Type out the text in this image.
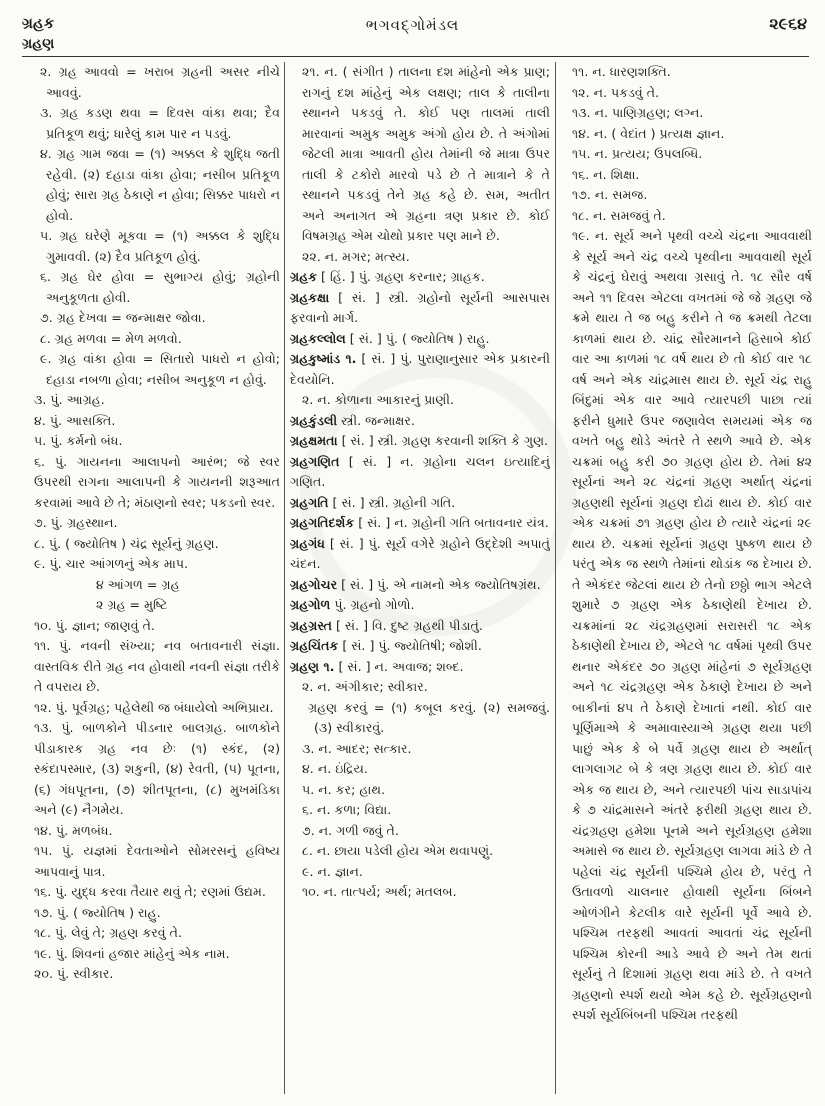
ગ્રહક
ગ્રહણ
ભગવદ્ગોમંડલ	૨૯૬૪

૨. ગ્રહ આવવો = ખરાબ ગ્રહની અસર નીચે આવવું.

૩. ગ્રહ કડણ થવા = દિવસ વાંકા થવા; દૈવ પ્રતિકૂળ થવું; ધારેલું કામ પાર ન પડવું.

૪. ગ્રહ ગામ જવા = (૧) અક્કલ કે શુદ્ધિ જતી રહેવી. (૨) દહાડા વાંકા હોવા; નસીબ પ્રતિકૂળ હોવું; સારા ગ્રહ ઠેકાણે ન હોવા; સિક્કર પાધરો ન હોવો.

૫. ગ્રહ ઘરેણે મૂકવા = (૧) અક્કલ કે શુદ્ધિ ગુમાવવી. (૨) દૈવ પ્રતિકૂળ હોવું.

૬. ગ્રહ ઘેર હોવા = સુભાગ્ય હોવું; ગ્રહોની અનુકૂળતા હોવી.

૭. ગ્રહ દેખવા = જન્માક્ષર જોવા.

૮. ગ્રહ મળવા = મેળ મળવો.

૯. ગ્રહ વાંકા હોવા = સિતારો પાધરો ન હોવો; દહાડા નબળા હોવા; નસીબ અનુકૂળ ન હોવું.

૩. પું. આગ્રહ.

૪. પું. આસક્તિ.

૫. પું. કર્મનો બંધ.

૬. પું. ગાયનના આલાપનો આરંભ; જે સ્વર ઉપરથી રાગના આલાપની કે ગાયનની શરૂઆત કરવામાં આવે છે તે; મંઠાણનો સ્વર; પકડનો સ્વર.

૭. પું. ગ્રહસ્થાન.

૮. પું. ( જ્યોતિષ ) ચંદ્ર સૂર્યનું ગ્રહણ.

૯. પું. ચાર આંગળનું એક માપ.

૪ આંગળ = ગ્રહ

૨ ગ્રહ = મુષ્ટિ

૧૦. પું. જ્ઞાન; જાણવું તે.

૧૧. પું. નવની સંખ્યા; નવ બતાવનારી સંજ્ઞા. વાસ્તવિક રીતે ગ્રહ નવ હોવાથી નવની સંજ્ઞા તરીકે તે વપરાય છે.

૧૨. પું. પૂર્વગ્રહ; પહેલેથી જ બંધાયેલો અભિપ્રાય.

૧૩. પું. બાળકોને પીડનાર બાલગ્રહ. બાળકોને પીડાકારક ગ્રહ નવ છેઃ (૧) સ્કંદ, (૨) સ્કંદાપસ્માર, (૩) શકુની, (૪) રેવતી, (૫) પૂતના, (૬) ગંધપૂતના, (૭) શીતપૂતના, (૮) મુખમંડિકા અને (૯) નૈગમેય.

૧૪. પું. મળબંધ.

૧૫. પું. યજ્ઞમાં દેવતાઓને સોમરસનું હવિષ્ય આપવાનું પાત્ર.

૧૬. પું. યુદ્ધ કરવા તૈયાર થવું તે; રણમાં ઉદ્યમ.

૧૭. પું. ( જ્યોતિષ ) રાહુ.

૧૮. પું. લેવું તે; ગ્રહણ કરવું તે.

૧૯. પું. શિવનાં હજાર માંહેનું એક નામ.

૨૦. પું. સ્વીકાર.

૨૧. ન. ( સંગીત ) તાલના દશ માંહેનો એક પ્રાણ; રાગનું દશ માંહેનું એક લક્ષણ; તાલ કે તાલીના સ્થાનને પકડવું તે. કોઈ પણ તાલમાં તાલી મારવાનાં અમુક અમુક અંગો હોય છે. તે અંગોમાં જેટલી માત્રા આવતી હોય તેમાંની જે માત્રા ઉપર તાલી કે ટકોરો મારવો પડે છે તે માત્રાને કે તે સ્થાનને પકડવું તેને ગ્રહ કહે છે. સમ, અતીત અને અનાગત એ ગ્રહના ત્રણ પ્રકાર છે. કોઈ વિષમગ્રહ એમ ચોથો પ્રકાર પણ માને છે.

૨૨. ન. મગર; મત્સ્ય.

ગ્રહક [ હિં. ] પું. ગ્રહણ કરનાર; ગ્રાહક.

ગ્રહકક્ષા [ સં. ] સ્ત્રી. ગ્રહોનો સૂર્યની આસપાસ ફરવાનો માર્ગ.

ગ્રહકલ્લોલ [ સં. ] પું. ( જ્યોતિષ ) રાહુ.

ગ્રહકુષ્માંડ ૧. [ સં. ] પું. પુરાણાનુસાર એક પ્રકારની દેવયોનિ.

૨. ન. કોળાના આકારનું પ્રાણી.

ગ્રહકુંડલી સ્ત્રી. જન્માક્ષર.

ગ્રહક્ષમતા [ સં. ] સ્ત્રી. ગ્રહણ કરવાની શક્તિ કે ગુણ.

ગ્રહગણિત [ સં. ] ન. ગ્રહોના ચલન ઇત્યાદિનું ગણિત.

ગ્રહગતિ [ સં. ] સ્ત્રી. ગ્રહોની ગતિ.

ગ્રહગતિદર્શક [ સં. ] ન. ગ્રહોની ગતિ બતાવનાર યંત્ર.

ગ્રહગંધ [ સં. ] પું. સૂર્ય વગેરે ગ્રહોને ઉદ્દેશી અપાતું ચંદન.

ગ્રહગોચર [ સં. ] પું. એ નામનો એક જ્યોતિષગ્રંથ.

ગ્રહગોળ પું. ગ્રહનો ગોળો.

ગ્રહગ્રસ્ત [ સં. ] વિ. દુષ્ટ ગ્રહથી પીડાતું.

ગ્રહચિંતક [ સં. ] પું. જ્યોતિષી; જોશી.

ગ્રહણ ૧. [ સં. ] ન. અવાજ; શબ્દ.

૨. ન. અંગીકાર; સ્વીકાર.

ગ્રહણ કરવું = (૧) કબૂલ કરવું. (૨) સમજવું. (૩) સ્વીકારવું.

૩. ન. આદર; સત્કાર.

૪. ન. ઇંદ્રિય.

૫. ન. કર; હાથ.

૬. ન. કળા; વિદ્યા.

૭. ન. ગળી જવું તે.

૮. ન. છાયા પડેલી હોય એમ થવાપણું.

૯. ન. જ્ઞાન.

૧૦. ન. તાત્પર્ય; અર્થ; મતલબ.

૧૧. ન. ધારણશક્તિ.

૧૨. ન. પકડવું તે.

૧૩. ન. પાણિગ્રહણ; લગ્ન.

૧૪. ન. ( વેદાંત ) પ્રત્યક્ષ જ્ઞાન.

૧૫. ન. પ્રત્યય; ઉપલબ્ધિ.

૧૬. ન. શિક્ષા.

૧૭. ન. સમજ.

૧૮. ન. સમજવું તે.

૧૯. ન. સૂર્ય અને પૃથ્વી વચ્ચે ચંદ્રના આવવાથી કે સૂર્ય અને ચંદ્ર વચ્ચે પૃથ્વીના આવવાથી સૂર્ય કે ચંદ્રનું ઘેરાવું અથવા ગ્રસાવું તે. ૧૮ સૌર વર્ષ અને ૧૧ દિવસ એટલા વખતમાં જે જે ગ્રહણ જે ક્રમે થાય તે જ બહુ કરીને તે જ ક્રમથી તેટલા કાળમાં થાય છે. ચાંદ્ર સૌરમાનને હિસાબે કોઈ વાર આ કાળમાં ૧૮ વર્ષ થાય છે તો કોઈ વાર ૧૮ વર્ષ અને એક ચાંદ્રમાસ થાય છે. સૂર્ય ચંદ્ર રાહુ બિંદુમાં એક વાર આવે ત્યારપછી પાછા ત્યાં ફરીને ધુમારે ઉપર જણાવેલ સમયમાં એક જ વખતે બહુ થોડે અંતરે તે સ્થળે આવે છે. એક ચક્રમાં બહુ કરી ૭૦ ગ્રહણ હોય છે. તેમાં ૪૨ સૂર્યનાં અને ૨૮ ચંદ્રનાં ગ્રહણ અર્થાત્ ચંદ્રનાં ગ્રહણથી સૂર્યનાં ગ્રહણ દોઢાં થાય છે. કોઈ વાર એક ચક્રમાં ૭૧ ગ્રહણ હોય છે ત્યારે ચંદ્રનાં ૨૯ થાય છે. ચક્રમાં સૂર્યનાં ગ્રહણ પુષ્કળ થાય છે પરંતુ એક જ સ્થળે તેમાંનાં થોડાંક જ દેખાય છે. તે એકંદર જેટલાં થાય છે તેનો છઠ્ઠો ભાગ એટલે શુમારે ૭ ગ્રહણ એક ઠેકાણેથી દેખાય છે. ચક્રમાંનાં ૨૮ ચંદ્રગ્રહણમાં સરાસરી ૧૮ એક ઠેકાણેથી દેખાય છે, એટલે ૧૮ વર્ષમાં પૃથ્વી ઉપર થનાર એકંદર ૭૦ ગ્રહણ માંહેનાં ૭ સૂર્યગ્રહણ અને ૧૮ ચંદ્રગ્રહણ એક ઠેકાણે દેખાય છે અને બાકીનાં ૪૫ તે ઠેકાણે દેખાતાં નથી. કોઈ વાર પૂર્ણિમાએ કે અમાવાસ્યાએ ગ્રહણ થયા પછી પાછું એક કે બે પર્વે ગ્રહણ થાય છે અર્થાત્ લાગલાગટ બે કે ત્રણ ગ્રહણ થાય છે. કોઈ વાર એક જ થાય છે, અને ત્યારપછી પાંચ સાડાપાંચ કે ૭ ચાંદ્રમાસને અંતરે ફરીથી ગ્રહણ થાય છે. ચંદ્રગ્રહણ હમેશા પૂનમે અને સૂર્યગ્રહણ હમેશા અમાસે જ થાય છે. સૂર્યગ્રહણ લાગવા માંડે છે તે પહેલાં ચંદ્ર સૂર્યની પશ્ચિમે હોય છે, પરંતુ તે ઉતાવળો ચાલનાર હોવાથી સૂર્યના બિંબને ઓળંગીને કેટલીક વારે સૂર્યની પૂર્વે આવે છે. પશ્ચિમ તરફથી આવતાં આવતાં ચંદ્ર સૂર્યની પશ્ચિમ કોરની આડે આવે છે અને તેમ થતાં સૂર્યનું તે દિશામાં ગ્રહણ થવા માંડે છે. તે વખતે ગ્રહણનો સ્પર્શ થયો એમ કહે છે. સૂર્યગ્રહણનો સ્પર્શ સૂર્યબિંબની પશ્ચિમ તરફથી
